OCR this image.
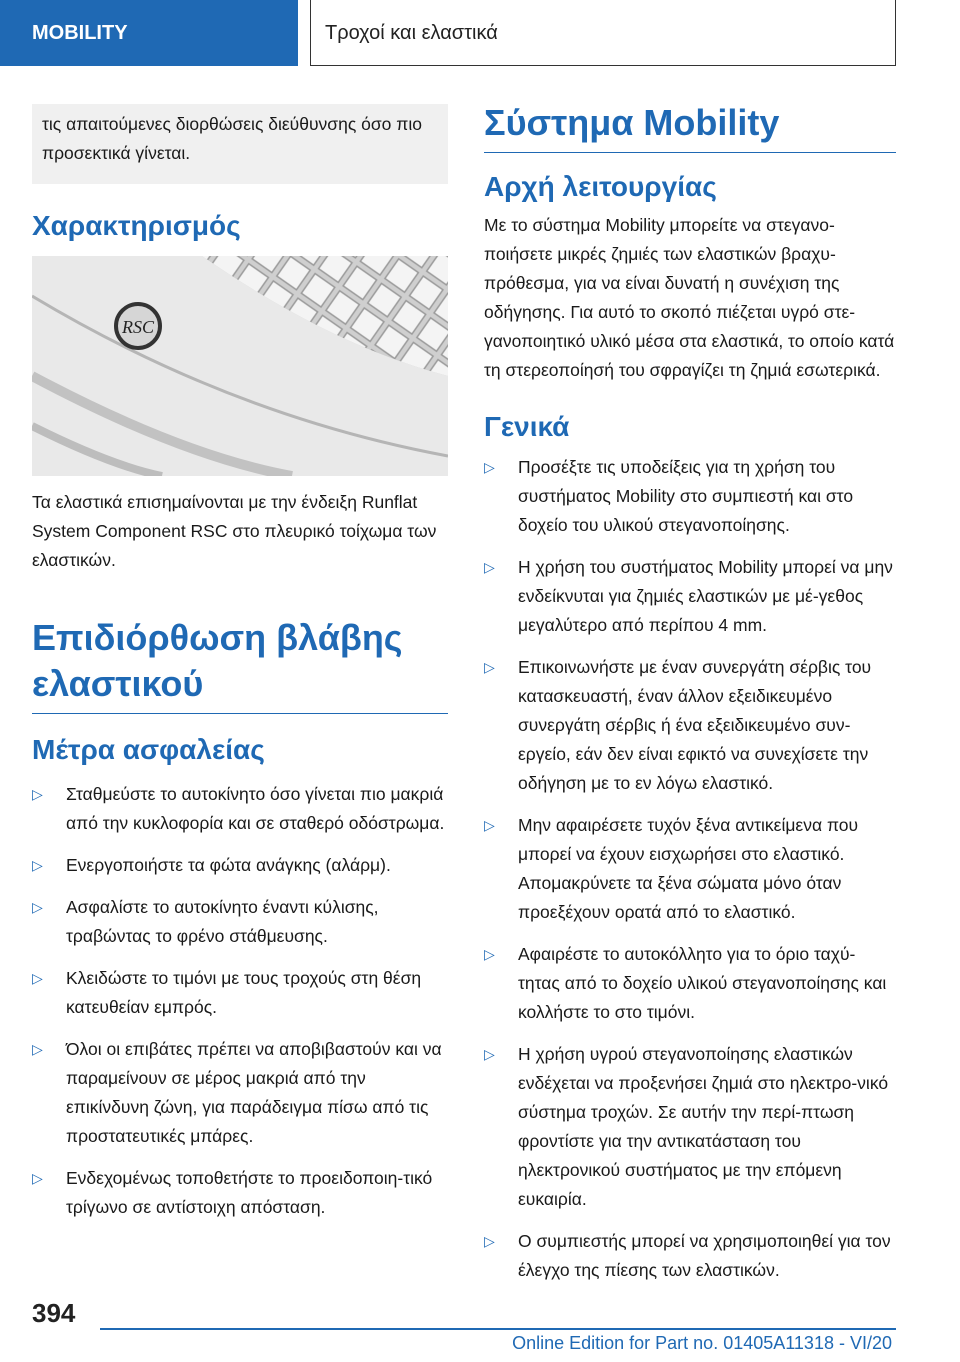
MOBILITY	Τροχοί και ελαστικά
τις απαιτούμενες διορθώσεις διεύθυνσης όσο πιο προσεκτικά γίνεται.
Χαρακτηρισμός
RSC

Τα ελαστικά επισημαίνονται με την ένδειξη Runflat System Component RSC στο πλευρικό τοίχωμα των ελαστικών.

Επιδιόρθωση βλάβης ελαστικού
Μέτρα ασφαλείας
▷ Σταθμεύστε το αυτοκίνητο όσο γίνεται πιο μακριά από την κυκλοφορία και σε σταθερό οδόστρωμα.
▷ Ενεργοποιήστε τα φώτα ανάγκης (αλάρμ).
▷ Ασφαλίστε το αυτοκίνητο έναντι κύλισης, τραβώντας το φρένο στάθμευσης.
▷ Κλειδώστε το τιμόνι με τους τροχούς στη θέση κατευθείαν εμπρός.
▷ Όλοι οι επιβάτες πρέπει να αποβιβαστούν και να παραμείνουν σε μέρος μακριά από την επικίνδυνη ζώνη, για παράδειγμα πίσω από τις προστατευτικές μπάρες.
▷ Ενδεχομένως τοποθετήστε το προειδοποιη-τικό τρίγωνο σε αντίστοιχη απόσταση.
Σύστημα Mobility
Αρχή λειτουργίας

Με το σύστημα Mobility μπορείτε να στεγανο-ποιήσετε μικρές ζημιές των ελαστικών βραχυ-πρόθεσμα, για να είναι δυνατή η συνέχιση της οδήγησης. Για αυτό το σκοπό πιέζεται υγρό στε-γανοποιητικό υλικό μέσα στα ελαστικά, το οποίο κατά τη στερεοποίησή του σφραγίζει τη ζημιά εσωτερικά.

Γενικά
▷ Προσέξτε τις υποδείξεις για τη χρήση του συστήματος Mobility στο συμπιεστή και στο δοχείο του υλικού στεγανοποίησης.
▷ Η χρήση του συστήματος Mobility μπορεί να μην ενδείκνυται για ζημιές ελαστικών με μέ-γεθος μεγαλύτερο από περίπου 4 mm.
▷ Επικοινωνήστε με έναν συνεργάτη σέρβις του κατασκευαστή, έναν άλλον εξειδικευμένο συνεργάτη σέρβις ή ένα εξειδικευμένο συν-εργείο, εάν δεν είναι εφικτό να συνεχίσετε την οδήγηση με το εν λόγω ελαστικό.
▷ Μην αφαιρέσετε τυχόν ξένα αντικείμενα που μπορεί να έχουν εισχωρήσει στο ελαστικό. Απομακρύνετε τα ξένα σώματα μόνο όταν προεξέχουν ορατά από το ελαστικό.
▷ Αφαιρέστε το αυτοκόλλητο για το όριο ταχύ-τητας από το δοχείο υλικού στεγανοποίησης και κολλήστε το στο τιμόνι.
▷ Η χρήση υγρού στεγανοποίησης ελαστικών ενδέχεται να προξενήσει ζημιά στο ηλεκτρο-νικό σύστημα τροχών. Σε αυτήν την περί-πτωση φροντίστε για την αντικατάσταση του ηλεκτρονικού συστήματος με την επόμενη ευκαιρία.
▷ Ο συμπιεστής μπορεί να χρησιμοποιηθεί για τον έλεγχο της πίεσης των ελαστικών.
394
Online Edition for Part no. 01405A11318 - VI/20
